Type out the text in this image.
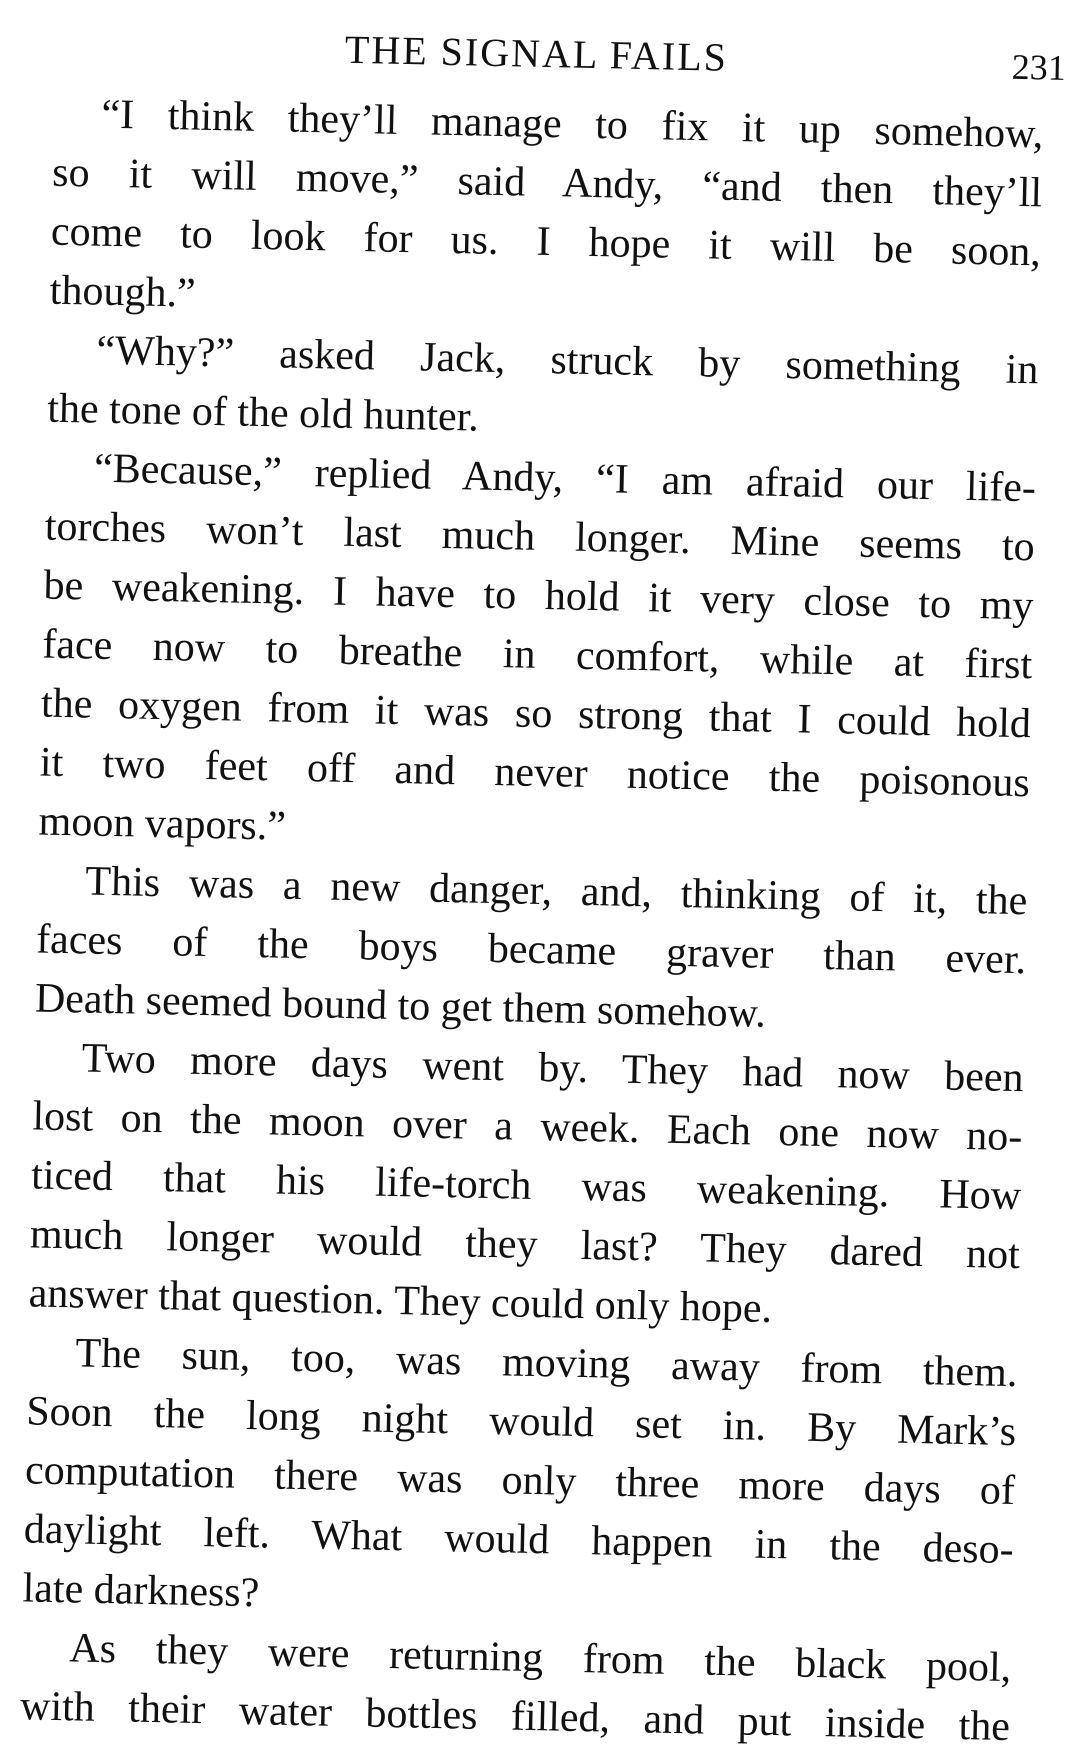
THE SIGNAL FAILS	231
“I think they’ll manage to fix it up somehow,
so it will move,” said Andy, “and then they’ll
come to look for us. I hope it will be soon,
though.”
“Why?” asked Jack, struck by something in
the tone of the old hunter.
“Because,” replied Andy, “I am afraid our life-
torches won’t last much longer. Mine seems to
be weakening. I have to hold it very close to my
face now to breathe in comfort, while at first
the oxygen from it was so strong that I could hold
it two feet off and never notice the poisonous
moon vapors.”
This was a new danger, and, thinking of it, the
faces of the boys became graver than ever.
Death seemed bound to get them somehow.
Two more days went by. They had now been
lost on the moon over a week. Each one now no-
ticed that his life-torch was weakening. How
much longer would they last? They dared not
answer that question. They could only hope.
The sun, too, was moving away from them.
Soon the long night would set in. By Mark’s
computation there was only three more days of
daylight left. What would happen in the deso-
late darkness?
As they were returning from the black pool,
with their water bottles filled, and put inside the
